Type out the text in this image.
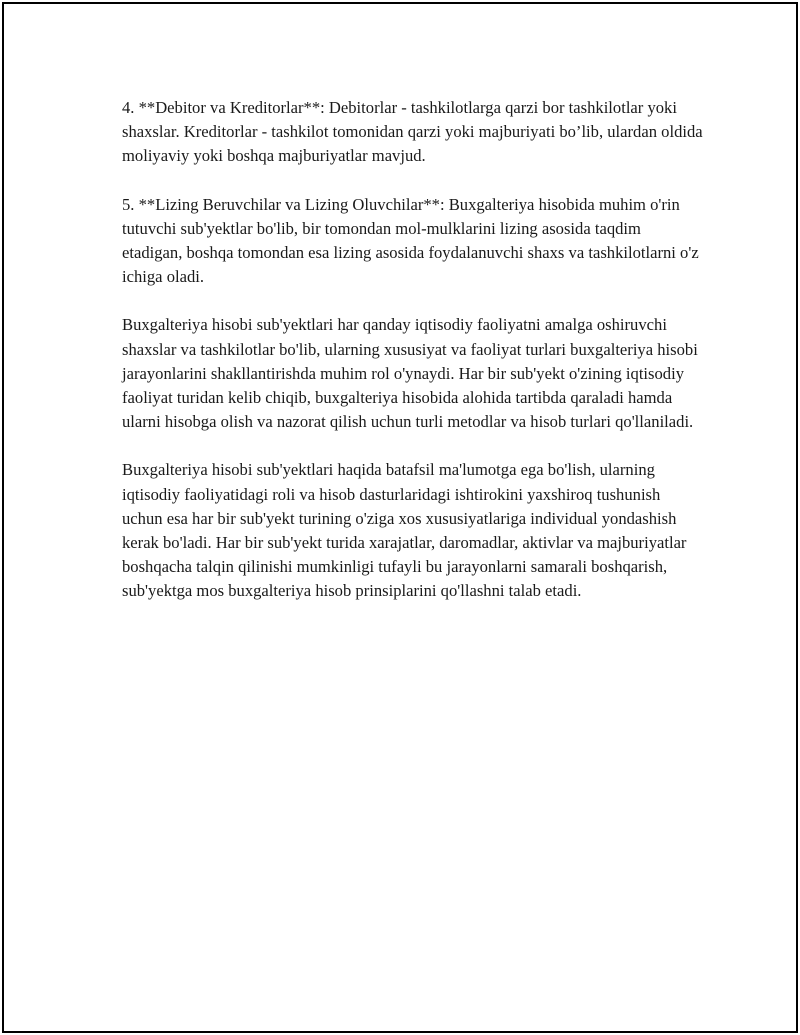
4. **Debitor va Kreditorlar**: Debitorlar - tashkilotlarga qarzi bor tashkilotlar yoki shaxslar. Kreditorlar - tashkilot tomonidan qarzi yoki majburiyati bo’lib, ulardan oldida moliyaviy yoki boshqa majburiyatlar mavjud.

5. **Lizing Beruvchilar va Lizing Oluvchilar**: Buxgalteriya hisobida muhim o'rin tutuvchi sub'yektlar bo'lib, bir tomondan mol-mulklarini lizing asosida taqdim etadigan, boshqa tomondan esa lizing asosida foydalanuvchi shaxs va tashkilotlarni o'z ichiga oladi.

Buxgalteriya hisobi sub'yektlari har qanday iqtisodiy faoliyatni amalga oshiruvchi shaxslar va tashkilotlar bo'lib, ularning xususiyat va faoliyat turlari buxgalteriya hisobi jarayonlarini shakllantirishda muhim rol o'ynaydi. Har bir sub'yekt o'zining iqtisodiy faoliyat turidan kelib chiqib, buxgalteriya hisobida alohida tartibda qaraladi hamda ularni hisobga olish va nazorat qilish uchun turli metodlar va hisob turlari qo'llaniladi.

Buxgalteriya hisobi sub'yektlari haqida batafsil ma'lumotga ega bo'lish, ularning iqtisodiy faoliyatidagi roli va hisob dasturlaridagi ishtirokini yaxshiroq tushunish uchun esa har bir sub'yekt turining o'ziga xos xususiyatlariga individual yondashish kerak bo'ladi. Har bir sub'yekt turida xarajatlar, daromadlar, aktivlar va majburiyatlar boshqacha talqin qilinishi mumkinligi tufayli bu jarayonlarni samarali boshqarish, sub'yektga mos buxgalteriya hisob prinsiplarini qo'llashni talab etadi.
